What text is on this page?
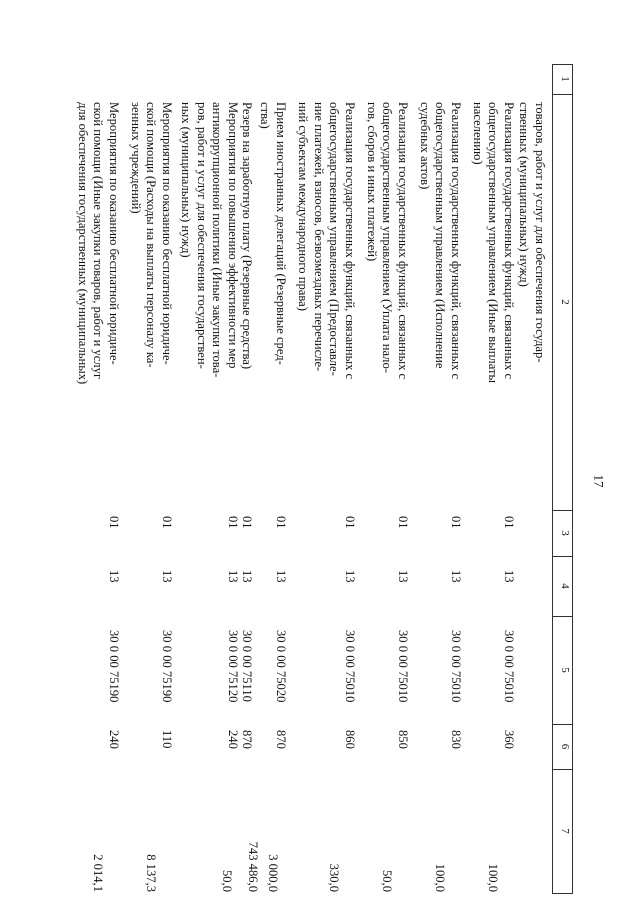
17
1
2
3
4
5
6
7
товаров, работ и услуг для обеспечения государ-
ственных (муниципальных) нужд)
Реализация государственных функций, связанных с
общегосударственным управлением (Иные выплаты
населению)
01
13
30 0 00 75010
360
100,0
Реализация государственных функций, связанных с
общегосударственным управлением (Исполнение
судебных актов)
01
13
30 0 00 75010
830
100,0
Реализация государственных функций, связанных с
общегосударственным управлением (Уплата нало-
гов, сборов и иных платежей)
01
13
30 0 00 75010
850
50,0
Реализация государственных функций, связанных с
общегосударственным управлением (Предоставле-
ние платежей, взносов, безвозмездных перечисле-
ний субъектам международного права)
01
13
30 0 00 75010
860
330,0
Прием иностранных делегаций (Резервные сред-
ства)
01
13
30 0 00 75020
870
3 000,0
Резерв на заработную плату (Резервные средства)
01
13
30 0 00 75110
870
743 486,0
Мероприятия по повышению эффективности мер
антикоррупционной политики (Иные закупки това-
ров, работ и услуг для обеспечения государствен-
ных (муниципальных) нужд)
01
13
30 0 00 75120
240
50,0
Мероприятия по оказанию бесплатной юридиче-
ской помощи (Расходы на выплаты персоналу ка-
зенных учреждений)
01
13
30 0 00 75190
110
8 137,3
Мероприятия по оказанию бесплатной юридиче-
ской помощи (Иные закупки товаров, работ и услуг
для обеспечения государственных (муниципальных)
01
13
30 0 00 75190
240
2 014,1
